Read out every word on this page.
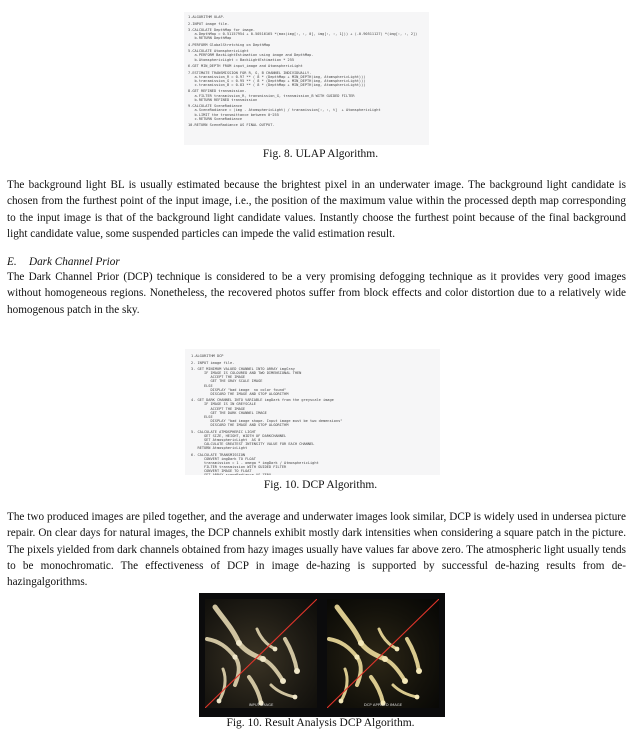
1.ALGORITHM ULAP.
2.INPUT image file.
3.CALCULATE DepthMap for image.
a.DepthMap = 0.51157954 + 0.50516165 *(max(img[:, :, 0], img[:, :, 1])) + (-0.90511127) *(img[:, :, 2])
b.RETURN DepthMap
4.PERFORM GlobalStretching on DepthMap
5.CALCULATE AtomsphericLight
a.PERFORM BackLightEstimation using image and DepthMap.
b.AtomsphericLight = BackLightEstimation * 255
6.GET MIN_DEPTH FROM input_image and AtomsphericLight
7.ESTIMATE TRANSMISSION FOR R, G, B CHANNEL INDIVIDUALLY.
a.transmission_R = 0.97 ** ( 8 * (DepthMap + MIN_DEPTH(img, AtomsphericLight)))
b.transmission_G = 0.95 ** ( 8 * (DepthMap + MIN_DEPTH(img, AtomsphericLight)))
c.transmission_B = 0.83 ** ( 8 * (DepthMap + MIN_DEPTH(img, AtomsphericLight)))
8.GET REFINED transmission.
a.FILTER transmission_R, transmission_G, transmission_B WITH GUIDED FILTER
b.RETURN REFINED transmission
9.CALCULATE SceneRadiance
a.SceneRadiance = (img - AtomsphericLight) / transmission[:, :, t]  + AtomsphericLight
b.LIMIT the transmittance between 0~255
c.RETURN SceneRadiance
10.RETURN SceneRadiance AS FINAL OUTPUT.
Fig. 8. ULAP Algorithm.

The background light BL is usually estimated because the brightest pixel in an underwater image. The background light candidate is chosen from the furthest point of the input image, i.e., the position of the maximum value within the processed depth map corresponding to the input image is that of the background light candidate values. Instantly choose the furthest point because of the final background light candidate value, some suspended particles can impede the valid estimation result.

E. Dark Channel Prior

The Dark Channel Prior (DCP) technique is considered to be a very promising defogging technique as it provides very good images without homogeneous regions. Nonetheless, the recovered photos suffer from block effects and color distortion due to a relatively wide homogenous patch in the sky.

1.ALGORITHM DCP
2. INPUT image file.
3. GET MINIMUM VALUED CHANNEL INTO ARRAY imgGray
IF IMAGE IS COLOURED AND TWO DIMENSIONAL THEN
ACCEPT THE IMAGE
GET THE GRAY SCALE IMAGE
ELSE
DISPLAY "bad image  no color found"
DISCARD THE IMAGE AND STOP ALGORITHM
4. GET DARK CHANNEL INTO VARIABLE imgDark from the greyscale image
IF IMAGE IS IN GREYSCALE
ACCEPT THE IMAGE
GET THE DARK CHANNEL IMAGE
ELSE
DISPLAY "bad image shape. Input image must be two demensions"
DISCARD THE IMAGE AND STOP ALGORITHM
5. CALCULATE ATMOSPHERIC LIGHT
GET SIZE, HEIGHT, WIDTH OF DARKCHANNEL
SET AtmosphericLight  AS 0
CALCULATE GREATEST INTENSITY VALUE FOR EACH CHANNEL
RETURN AtmosphericLight
6. CALCULATE TRANSMISSION
CONVERT imgDark TO FLOAT
transmission = 1 - omega * imgDark / AtmosphericLight
FILTER transmission WITH GUIDED FILTER
CONVERT IMAGE TO FLOAT
Fig. 10. DCP Algorithm.

The two produced images are piled together, and the average and underwater images look similar, DCP is widely used in undersea picture repair. On clear days for natural images, the DCP channels exhibit mostly dark intensities when considering a square patch in the picture. The pixels yielded from dark channels obtained from hazy images usually have values far above zero. The atmospheric light usually tends to be monochromatic. The effectiveness of DCP in image de-hazing is supported by successful de-hazing results from de-hazingalgorithms.

INPUT IMAGE	DCP APPLIED IMAGE
Fig. 10. Result Analysis DCP Algorithm.
